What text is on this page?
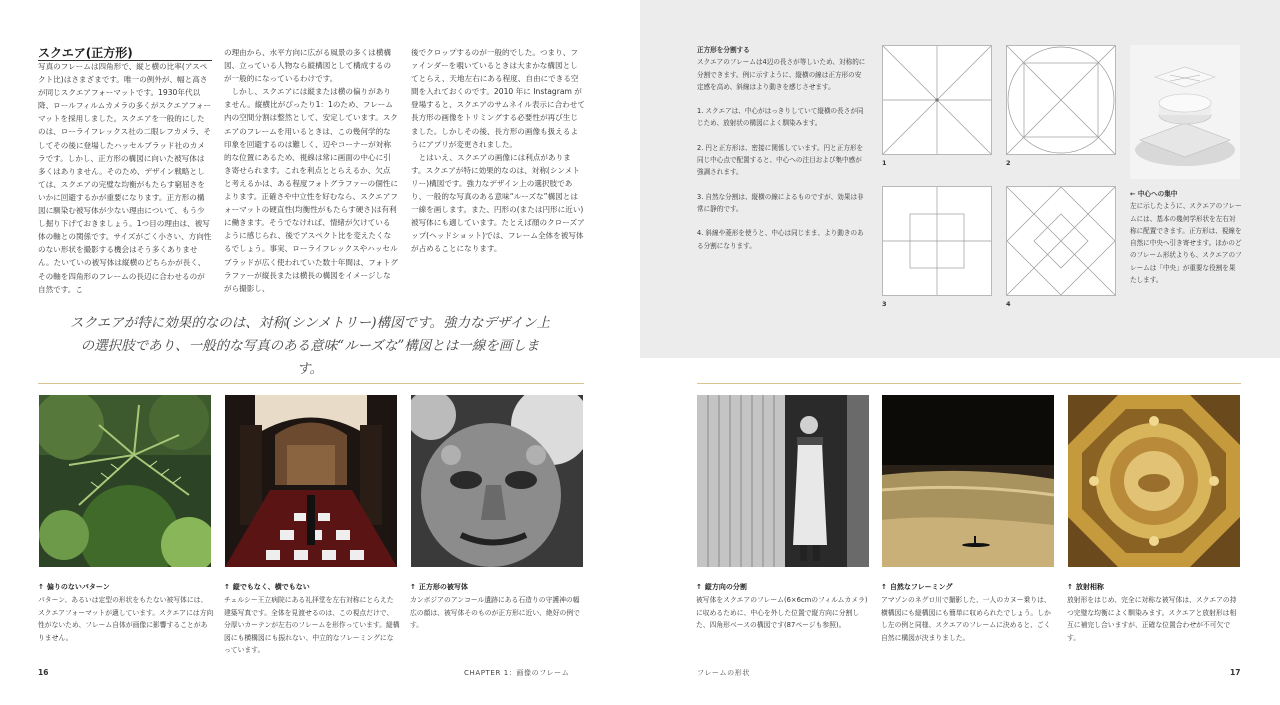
スクエア(正方形)

写真のフレームは四角形で、縦と横の比率(アスペクト比)はさまざまです。唯一の例外が、幅と高さが同じスクエアフォーマットです。1930年代以降、ロールフィルムカメラの多くがスクエアフォーマットを採用しました。スクエアを一般的にしたのは、ローライフレックス社の二眼レフカメラ、そしてその後に登場したハッセルブラッド社のカメラです。しかし、正方形の構図に向いた被写体は多くはありません。そのため、デザイン戦略としては、スクエアの完璧な均衡がもたらす窮屈さをいかに回避するかが重要になります。正方形の構図に馴染む被写体が少ない理由について、もう少し掘り下げておきましょう。1つ目の理由は、被写体の軸との関係です。サイズがごく小さい、方向性のない形状を撮影する機会はそう多くありません。たいていの被写体は縦横のどちらかが長く、その軸を四角形のフレームの長辺に合わせるのが自然です。こ

の理由から、水平方向に広がる風景の多くは横構図、立っている人物なら縦構図として構成するのが一般的になっているわけです。
　しかし、スクエアには縦または横の偏りがありません。縦横比がぴったり1：1のため、フレーム内の空間分割は整然として、安定しています。スクエアのフレームを用いるときは、この幾何学的な印象を回避するのは難しく、辺やコーナーが対称的な位置にあるため、視線は常に画面の中心に引き寄せられます。これを利点ととらえるか、欠点と考えるかは、ある程度フォトグラファーの個性によります。正確さや中立性を好むなら、スクエアフォーマットの硬直性(均衡性がもたらす硬さ)は有利に働きます。そうでなければ、情緒が欠けているように感じられ、後でアスペクト比を変えたくなるでしょう。事実、ローライフレックスやハッセルブラッドが広く使われていた数十年間は、フォトグラファーが縦長または横長の構図をイメージしながら撮影し、

後でクロップするのが一般的でした。つまり、ファインダーを覗いているときは大まかな構図としてとらえ、天地左右にある程度、自由にできる空間を入れておくのです。2010 年に Instagram が登場すると、スクエアのサムネイル表示に合わせて長方形の画像をトリミングする必要性が再び生じました。しかしその後、長方形の画像も扱えるようにアプリが変更されました。
　とはいえ、スクエアの画像には利点があります。スクエアが特に効果的なのは、対称(シンメトリー)構図です。強力なデザイン上の選択肢であり、一般的な写真のある意味“ルーズな”構図とは一線を画します。また、円形の(または円形に近い)被写体にも適しています。たとえば顔のクローズアップ(ヘッドショット)では、フレーム全体を被写体が占めることになります。

スクエアが特に効果的なのは、対称(シンメトリー)構図です。強力なデザイン上の選択肢であり、一般的な写真のある意味“ルーズな”構図とは一線を画します。

↑ 偏りのないパターン

パターン、あるいは定型の形状をもたない被写体には、スクエアフォーマットが適しています。スクエアには方向性がないため、フレーム自体が画像に影響することがありません。

↑ 縦でもなく、横でもない

チェルシー王立病院にある礼拝堂を左右対称にとらえた建築写真です。全体を見渡せるのは、この視点だけで、分厚いカーテンが左右のフレームを形作っています。縦構図にも横構図にも振れない、中立的なフレーミングになっています。

↑ 正方形の被写体

カンボジアのアンコール遺跡にある石造りの守護神の幅広の顔は、被写体そのものが正方形に近い、絶好の例です。

16	CHAPTER 1：画像のフレーム

正方形を分割する

スクエアのフレームは4辺の長さが等しいため、対称的に分割できます。例に示すように、縦横の線は正方形の安定感を高め、斜線はより動きを感じさせます。

1. スクエアは、中心がはっきりしていて縦横の長さが同じため、放射状の構図によく馴染みます。

2. 円と正方形は、密接に関係しています。円と正方形を同じ中心点で配置すると、中心への注目および集中感が強調されます。

3. 自然な分割は、縦横の線によるものですが、効果は非常に静的です。

4. 斜線や菱形を使うと、中心は同じまま、より動きのある分割になります。

1	2

← 中心への集中

左に示したように、スクエアのフレームには、基本の幾何学形状を左右対称に配置できます。正方形は、視線を自然に中央へ引き寄せます。ほかのどのフレーム形状よりも、スクエアのフレームは「中央」が重要な役割を果たします。

3	4

↑ 縦方向の分割

被写体をスクエアのフレーム(6×6cmのフィルムカメラ)に収めるために、中心を外した位置で縦方向に分割した、四角形ベースの構図です(87ページも参照)。

↑ 自然なフレーミング

アマゾンのネグロ川で撮影した、一人のカヌー乗りは、横構図にも縦構図にも簡単に収められたでしょう。しかし左の例と同様、スクエアのフレームに決めると、ごく自然に構図が決まりました。

↑ 放射相称

放射形をはじめ、完全に対称な被写体は、スクエアの持つ完璧な均衡によく馴染みます。スクエアと放射形は相互に補完し合いますが、正確な位置合わせが不可欠です。

フレームの形状	17
